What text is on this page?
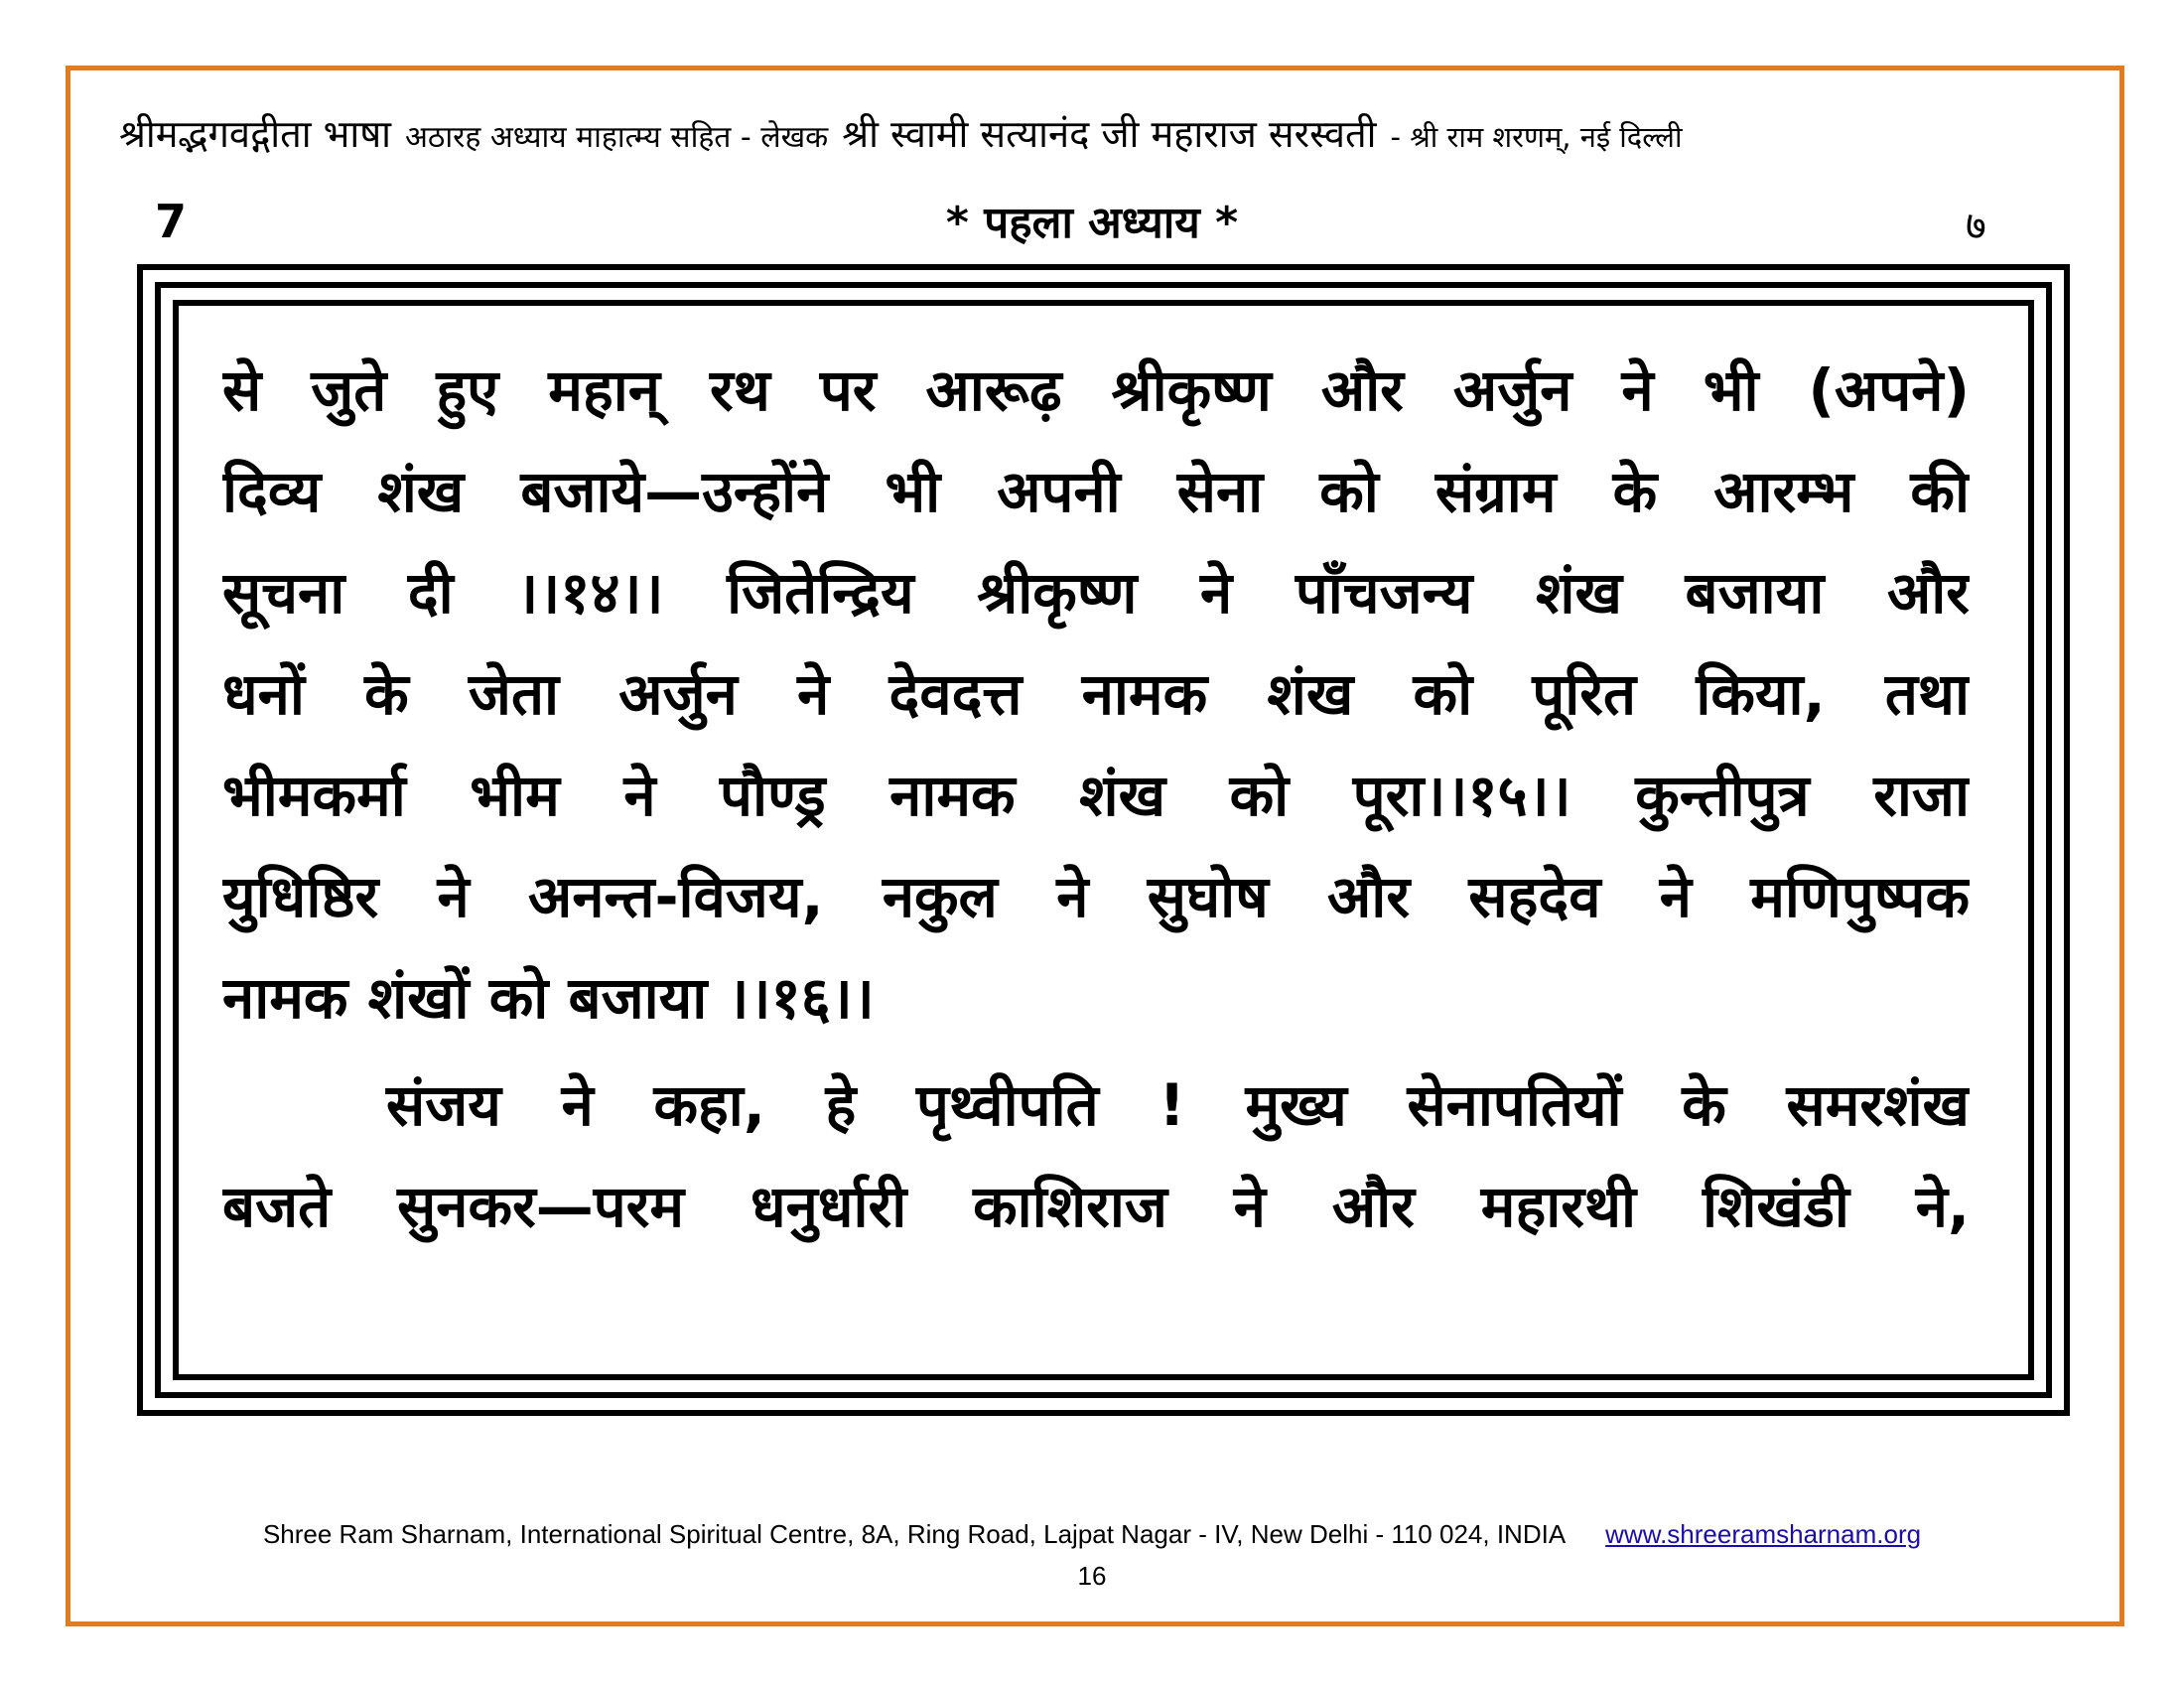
श्रीमद्भगवद्गीता भाषा अठारह अध्याय माहात्म्य सहित - लेखक श्री स्वामी सत्यानंद जी महाराज सरस्वती - श्री राम शरणम्, नई दिल्ली
7	* पहला अध्याय *	७
से जुते हुए महान् रथ पर आरूढ़ श्रीकृष्ण और अर्जुन ने भी (अपने)
दिव्य शंख बजाये—उन्होंने भी अपनी सेना को संग्राम के आरम्भ की
सूचना दी ।।१४।। जितेन्द्रिय श्रीकृष्ण ने पाँचजन्य शंख बजाया और
धनों के जेता अर्जुन ने देवदत्त नामक शंख को पूरित किया, तथा
भीमकर्मा भीम ने पौण्ड्र नामक शंख को पूरा।।१५।। कुन्तीपुत्र राजा
युधिष्ठिर ने अनन्त-विजय, नकुल ने सुघोष और सहदेव ने मणिपुष्पक
नामक शंखों को बजाया ।।१६।।
संजय ने कहा, हे पृथ्वीपति ! मुख्य सेनापतियों के समरशंख
बजते सुनकर—परम धनुर्धारी काशिराज ने और महारथी शिखंडी ने,
Shree Ram Sharnam, International Spiritual Centre, 8A, Ring Road, Lajpat Nagar - IV, New Delhi - 110 024, INDIA www.shreeramsharnam.org
16
